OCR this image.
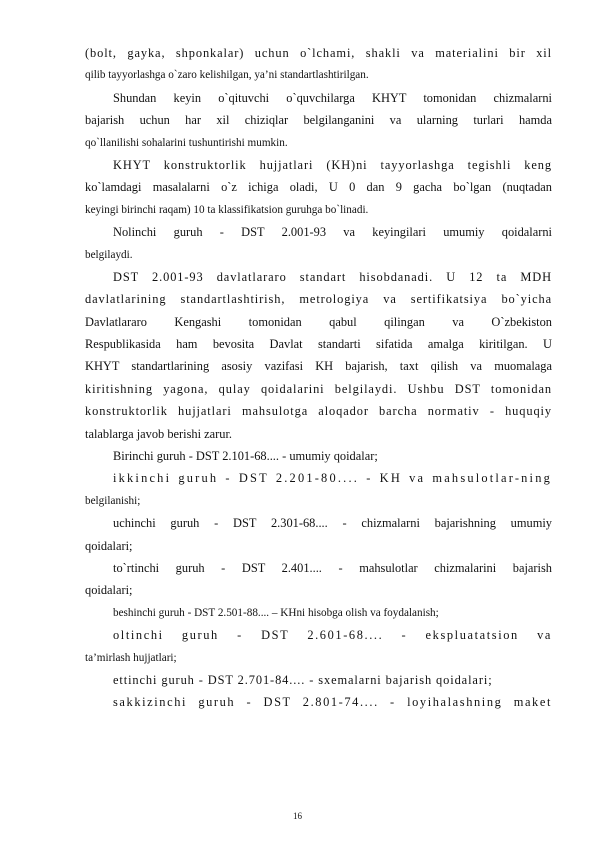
(bolt, gayka, shponkalar) uchun o`lchami, shakli va materialini bir xil
qilib tayyorlashga o`zaro kelishilgan, ya’ni standartlashtirilgan.
Shundan keyin o`qituvchi o`quvchilarga KHYT tomonidan chizmalarni
bajarish uchun har xil chiziqlar belgilanganini va ularning turlari hamda
qo`llanilishi sohalarini tushuntirishi mumkin.
KHYT konstruktorlik hujjatlari (KH)ni tayyorlashga tegishli keng
ko`lamdagi masalalarni o`z ichiga oladi, U 0 dan 9 gacha bo`lgan (nuqtadan
keyingi birinchi raqam) 10 ta klassifikatsion guruhga bo`linadi.
Nolinchi guruh - DST 2.001-93 va keyingilari umumiy qoidalarni
belgilaydi.
DST 2.001-93 davlatlararo standart hisobdanadi. U 12 ta MDH
davlatlarining standartlashtirish, metrologiya va sertifikatsiya bo`yicha
Davlatlararo Kengashi tomonidan qabul qilingan va O`zbekiston
Respublikasida ham bevosita Davlat standarti sifatida amalga kiritilgan. U
KHYT standartlarining asosiy vazifasi KH bajarish, taxt qilish va muomalaga
kiritishning yagona, qulay qoidalarini belgilaydi. Ushbu DST tomonidan
konstruktorlik hujjatlari mahsulotga aloqador barcha normativ - huquqiy
talablarga javob berishi zarur.
Birinchi guruh - DST 2.101-68.... - umumiy qoidalar;
ikkinchi guruh - DST 2.201-80.... - KH va mahsulotlar-ning
belgilanishi;
uchinchi guruh - DST 2.301-68.... - chizmalarni bajarishning umumiy
qoidalari;
to`rtinchi guruh - DST 2.401.... - mahsulotlar chizmalarini bajarish
qoidalari;
beshinchi guruh - DST 2.501-88.... – KHni hisobga olish va foydalanish;
oltinchi guruh - DST 2.601-68.... - ekspluatatsion va
ta’mirlash hujjatlari;
ettinchi guruh - DST 2.701-84.... - sxemalarni bajarish qoidalari;
sakkizinchi guruh - DST 2.801-74.... - loyihalashning maket
16
